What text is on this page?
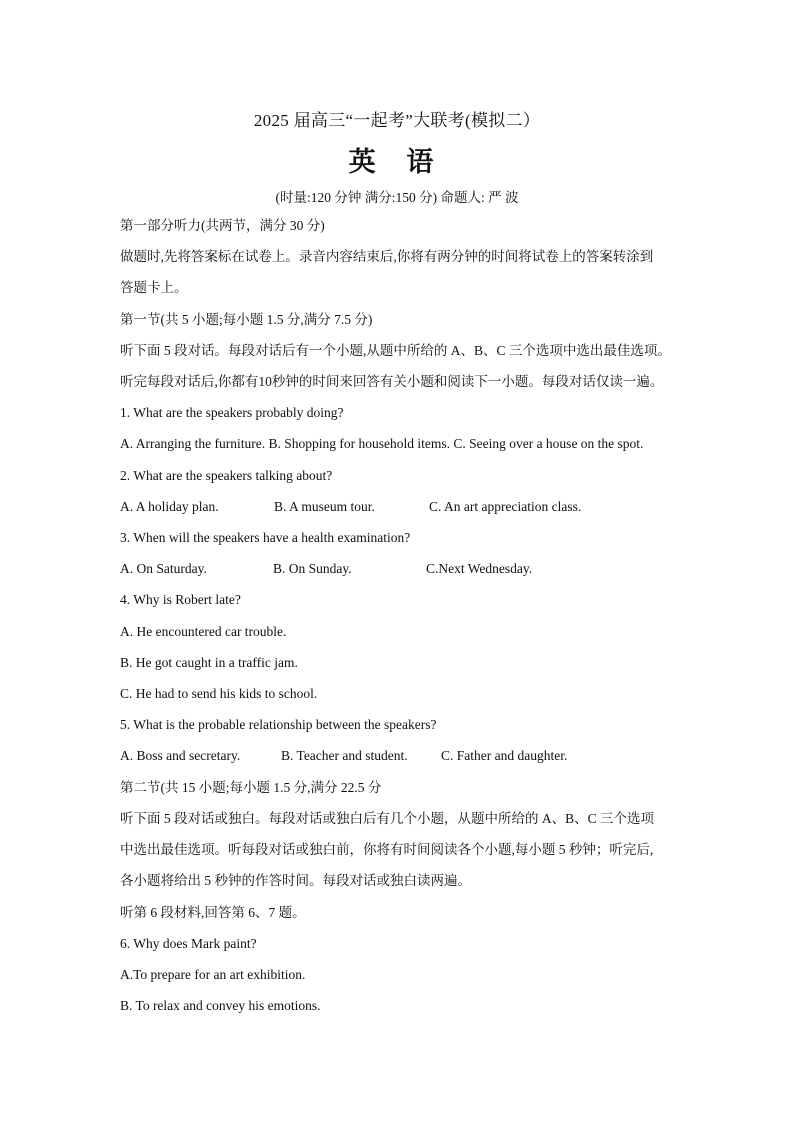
2025 届高三“一起考”大联考(模拟二）
英 语
(时量:120 分钟 满分:150 分) 命题人: 严 波
第一部分听力(共两节，满分 30 分)
做题时,先将答案标在试卷上。录音内容结束后,你将有两分钟的时间将试卷上的答案转涂到
答题卡上。
第一节(共 5 小题;每小题 1.5 分,满分 7.5 分)
听下面 5 段对话。每段对话后有一个小题,从题中所给的 A、B、C 三个选项中选出最佳选项。
听完每段对话后,你都有10秒钟的时间来回答有关小题和阅读下一小题。每段对话仅读一遍。
1. What are the speakers probably doing?
A. Arranging the furniture. B. Shopping for household items. C. Seeing over a house on the spot.
2. What are the speakers talking about?
A. A holiday plan.	B. A museum tour.	C. An art appreciation class.
3. When will the speakers have a health examination?
A. On Saturday.	B. On Sunday.	C.Next Wednesday.
4. Why is Robert late?
A. He encountered car trouble.
B. He got caught in a traffic jam.
C. He had to send his kids to school.
5. What is the probable relationship between the speakers?
A. Boss and secretary.	B. Teacher and student. C. Father and daughter.
第二节(共 15 小题;每小题 1.5 分,满分 22.5 分
听下面 5 段对话或独白。每段对话或独白后有几个小题，从题中所给的 A、B、C 三个选项
中选出最佳选项。听每段对话或独白前，你将有时间阅读各个小题,每小题 5 秒钟；听完后,
各小题将给出 5 秒钟的作答时间。每段对话或独白读两遍。
听第 6 段材料,回答第 6、7 题。
6. Why does Mark paint?
A.To prepare for an art exhibition.
B. To relax and convey his emotions.
